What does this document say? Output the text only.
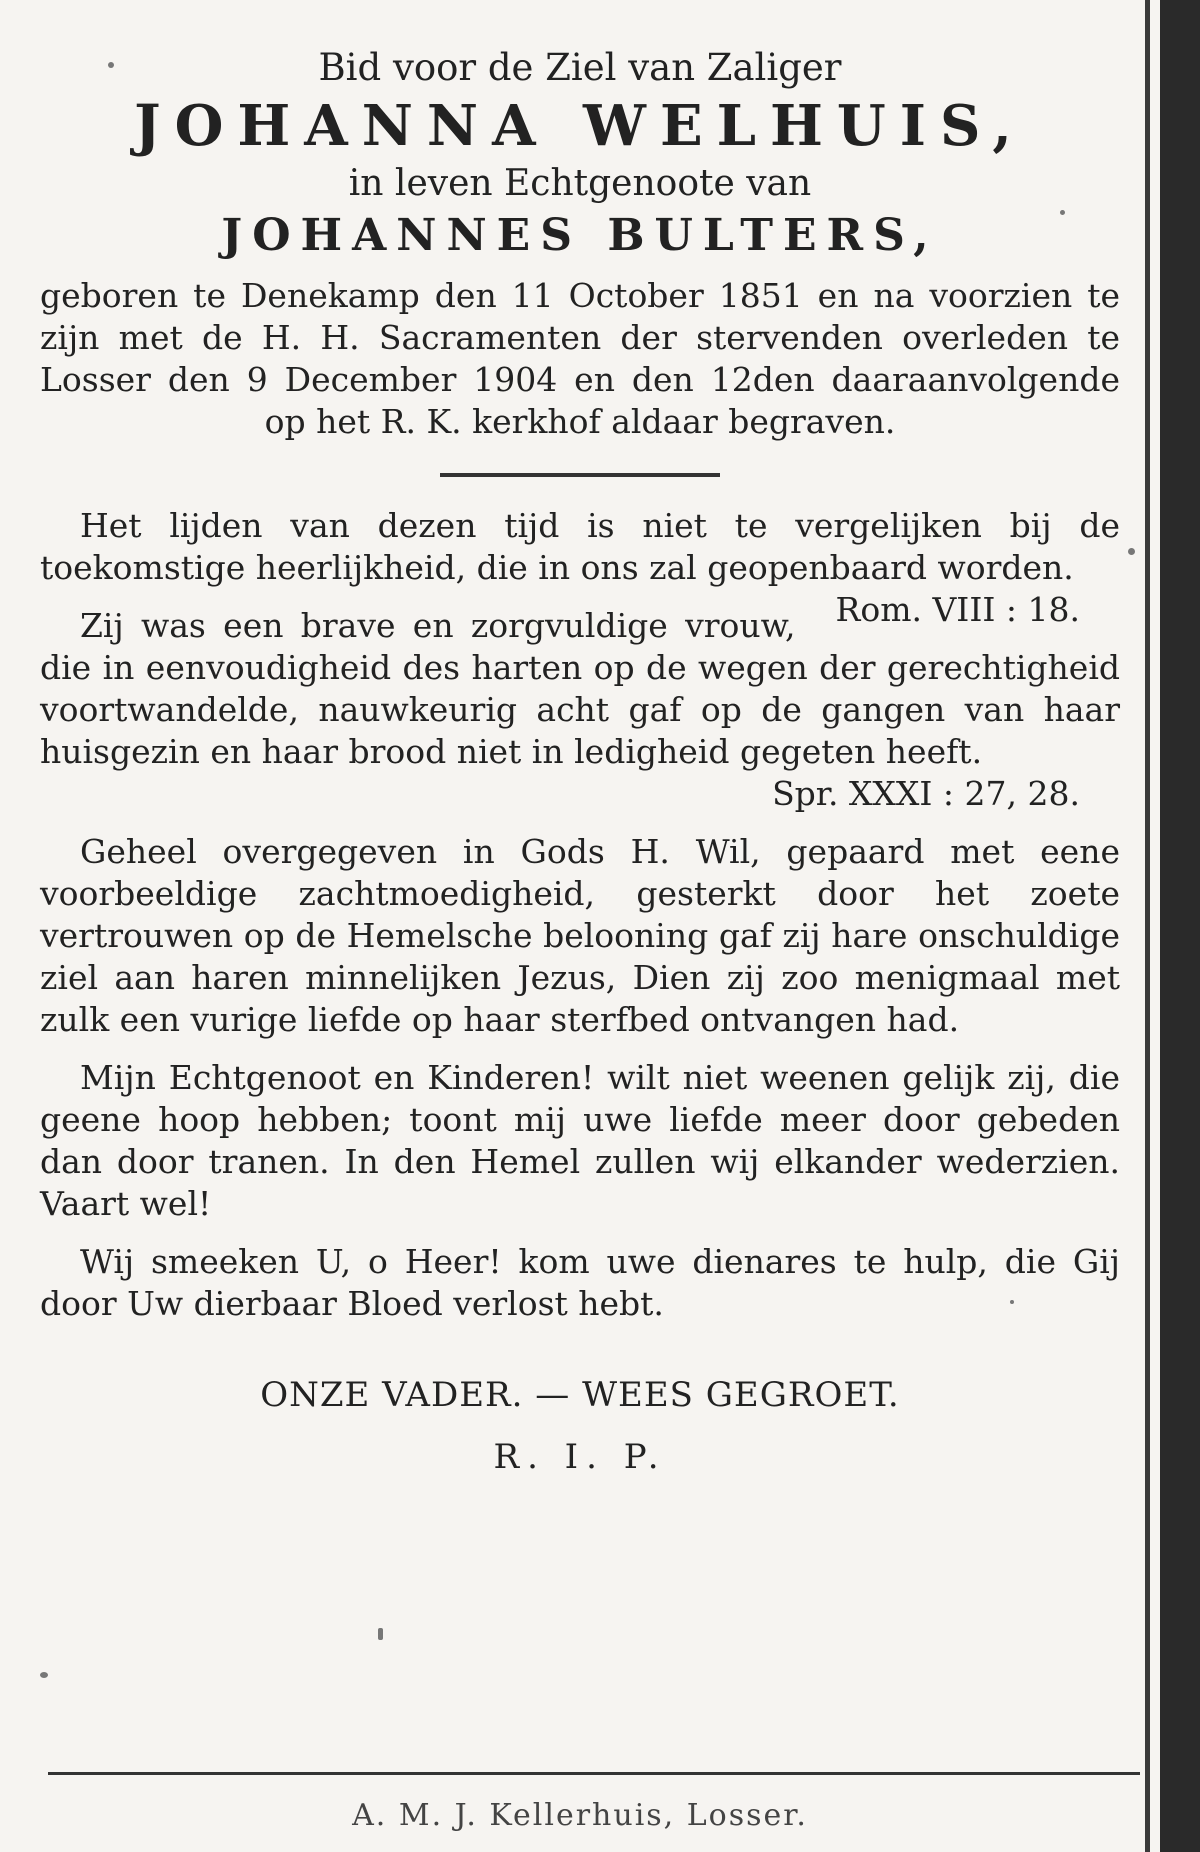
Bid voor de Ziel van Zaliger
JOHANNA WELHUIS,
in leven Echtgenoote van
JOHANNES BULTERS,
geboren te Denekamp den 11 October 1851 en na voorzien te zijn met de H. H. Sacramenten der stervenden overleden te Losser den 9 December 1904 en den 12den daaraanvolgende op het R. K. kerkhof aldaar begraven.

Het lijden van dezen tijd is niet te vergelijken bij de toekomstige heerlijkheid, die in ons zal geopenbaard worden.
Rom. VIII : 18.

Zij was een brave en zorgvuldige vrouw, die in eenvoudigheid des harten op de wegen der gerechtigheid voortwandelde, nauwkeurig acht gaf op de gangen van haar huisgezin en haar brood niet in ledigheid gegeten heeft.

Spr. XXXI : 27, 28.

Geheel overgegeven in Gods H. Wil, gepaard met eene voorbeeldige zachtmoedigheid, gesterkt door het zoete vertrouwen op de Hemelsche belooning gaf zij hare onschuldige ziel aan haren minnelijken Jezus, Dien zij zoo menigmaal met zulk een vurige liefde op haar sterfbed ontvangen had.

Mijn Echtgenoot en Kinderen! wilt niet weenen gelijk zij, die geene hoop hebben; toont mij uwe liefde meer door gebeden dan door tranen. In den Hemel zullen wij elkander wederzien. Vaart wel!

Wij smeeken U, o Heer! kom uwe dienares te hulp, die Gij door Uw dierbaar Bloed verlost hebt.

ONZE VADER. — WEES GEGROET.
R. I. P.
A. M. J. Kellerhuis, Losser.
